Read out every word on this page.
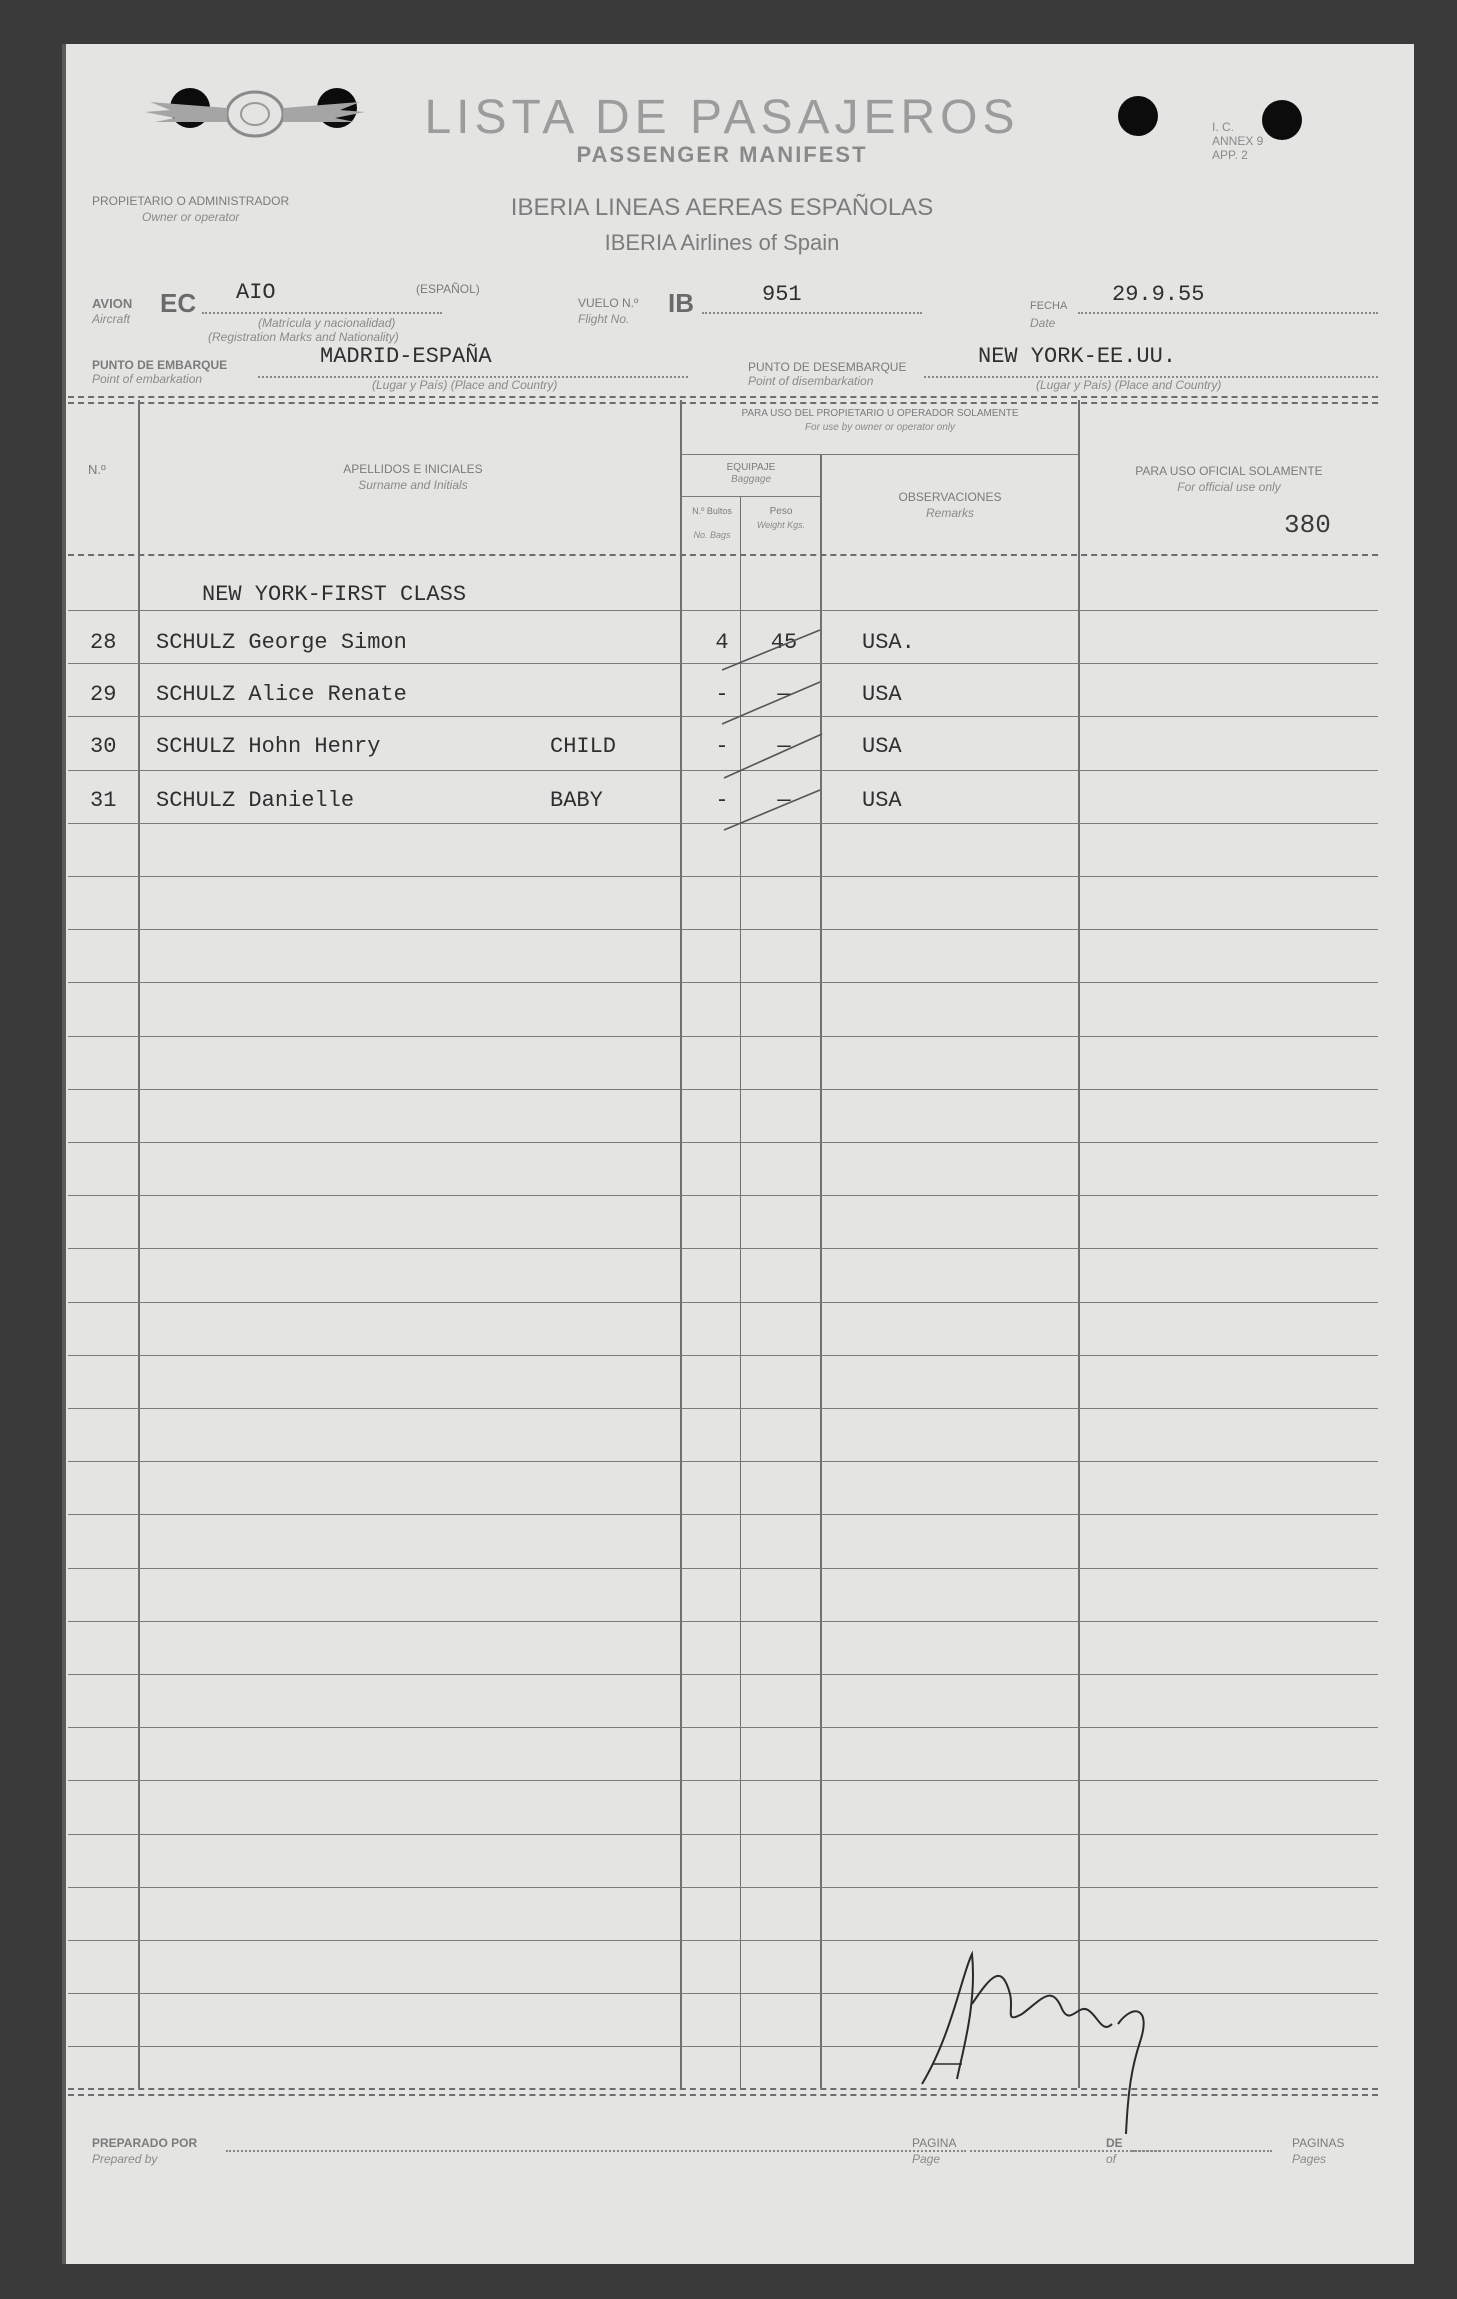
LISTA DE PASAJEROS
PASSENGER MANIFEST
I. C.
ANNEX 9
APP. 2
PROPIETARIO O ADMINISTRADOR
Owner or operator	IBERIA LINEAS AEREAS ESPAÑOLAS
IBERIA Airlines of Spain
AVION
Aircraft
EC AIO	(ESPAÑOL)
(Matrícula y nacionalidad)
(Registration Marks and Nationality)
VUELO N.º
Flight No.
IB	951	FECHA
Date
29.9.55
PUNTO DE EMBARQUE
Point of embarkation
MADRID-ESPAÑA
(Lugar y País) (Place and Country)
PUNTO DE DESEMBARQUE
Point of disembarkation
NEW YORK-EE.UU.
(Lugar y País) (Place and Country)
N.º	APELLIDOS E INICIALES
Surname and Initials
PARA USO DEL PROPIETARIO U OPERADOR SOLAMENTE
For use by owner or operator only
EQUIPAJE
Baggage
N.º Bultos
No. Bags
Peso
Weight Kgs.
OBSERVACIONES
Remarks
PARA USO OFICIAL SOLAMENTE
For official use only
380
NEW YORK-FIRST CLASS
28 SCHULZ George Simon	4	45	USA.
29 SCHULZ Alice Renate	-	—	USA
30 SCHULZ Hohn Henry	CHILD	-	—	USA
31 SCHULZ Danielle	BABY	-	—	USA
PREPARADO POR
Prepared by
PAGINA
Page
DE
of
PAGINAS
Pages
